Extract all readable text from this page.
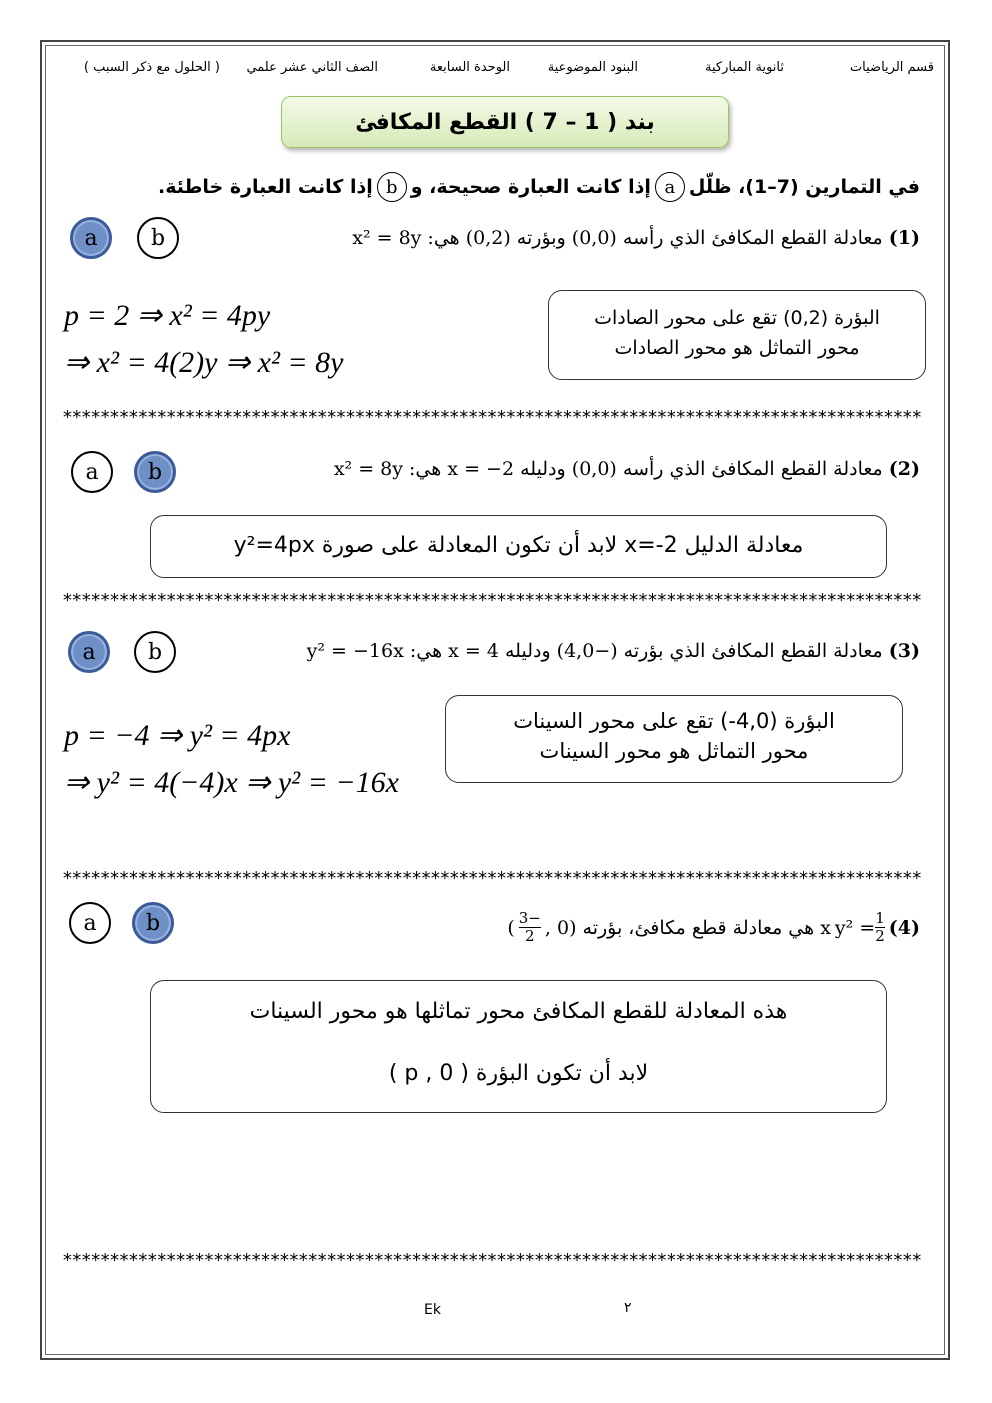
قسم الرياضيات
ثانوية المباركية
البنود الموضوعية
الوحدة السابعة
الصف الثاني عشر علمي
( الحلول مع ذكر السبب )
بند ( 1 – 7 ) القطع المكافئ
في التمارين (7–1)، ظلّل
a
إذا كانت العبارة صحيحة، و
b
إذا كانت العبارة خاطئة.
(1) معادلة القطع المكافئ الذي رأسه (0,0) وبؤرته (0,2) هي: x² = 8y
a	b
p = 2 ⇒ x² = 4py
⇒ x² = 4(2)y ⇒ x² = 8y
البؤرة (0,2) تقع على محور الصادات
محور التماثل هو محور الصادات
*******************************************************************************************
(2) معادلة القطع المكافئ الذي رأسه (0,0) ودليله x = −2 هي: x² = 8y
a	b
معادلة الدليل x=-2 لابد أن تكون المعادلة على صورة y²=4px
*******************************************************************************************
(3) معادلة القطع المكافئ الذي بؤرته (−4,0) ودليله x = 4 هي: y² = −16x
a	b
p = −4 ⇒ y² = 4px
⇒ y² = 4(−4)x ⇒ y² = −16x
البؤرة (4,0-) تقع على محور السينات
محور التماثل هو محور السينات
*******************************************************************************************
(4)
$y^2 = \frac{1}{2}$
x هي معادلة قطع مكافئ، بؤرته (0 ,
$\frac{-3}{2}$
)
a	b
هذه المعادلة للقطع المكافئ محور تماثلها هو محور السينات
لابد أن تكون البؤرة ( p , 0 )
*******************************************************************************************
Ek	٢
